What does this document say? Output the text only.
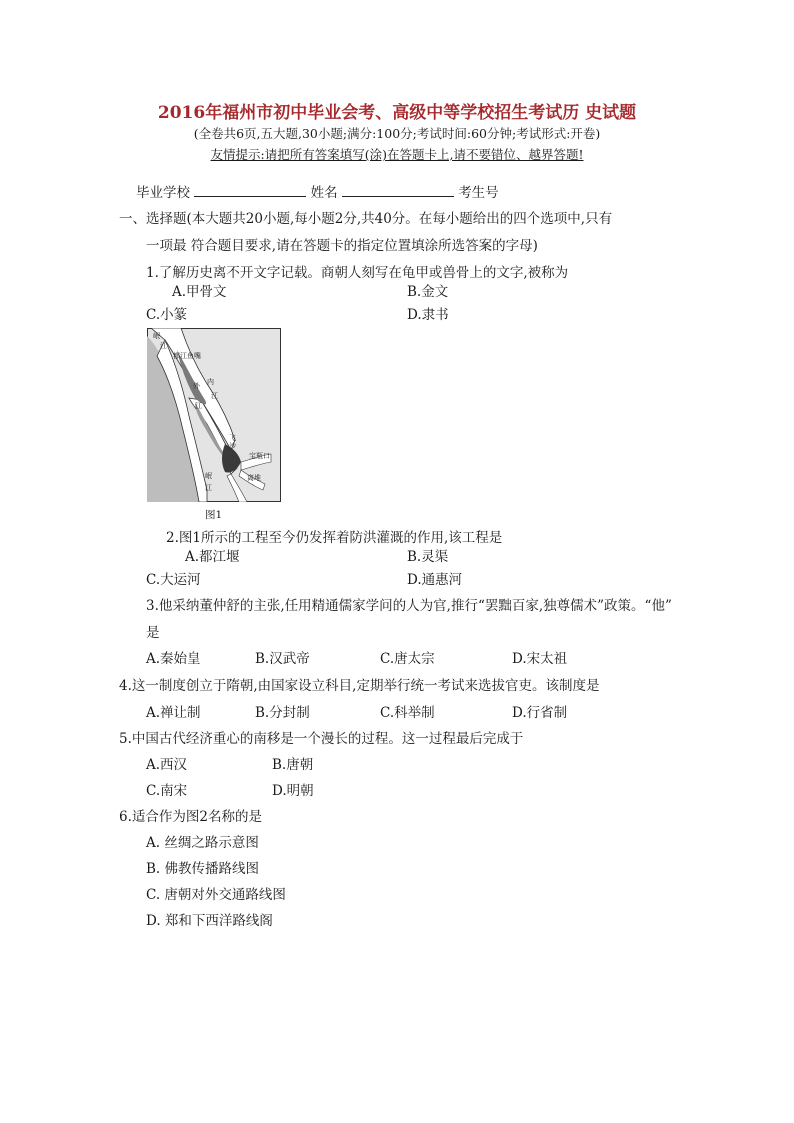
2016年福州市初中毕业会考、高级中等学校招生考试历 史试题
(全卷共6页,五大题,30小题;满分:100分;考试时间:60分钟;考试形式:开卷)
友情提示:请把所有答案填写(涂)在答题卡上,请不要错位、越界答题!
毕业学校	姓名	考生号
一、选择题(本大题共20小题,每小题2分,共40分。在每小题给出的四个选项中,只有
一项最 符合题目要求,请在答题卡的指定位置填涂所选答案的字母)
1.了解历史离不开文字记载。商朝人刻写在龟甲或兽骨上的文字,被称为
A.甲骨文	B.金文
C.小篆	D.隶书
岷
江
都江鱼嘴
内
江
外
江
飞
沙
宝瓶口
离堆
岷
江
图1
2.图1所示的工程至今仍发挥着防洪灌溉的作用,该工程是
A.都江堰	B.灵渠
C.大运河	D.通惠河
3.他采纳董仲舒的主张,任用精通儒家学问的人为官,推行“罢黜百家,独尊儒术”政策。“他”
是
A.秦始皇	B.汉武帝	C.唐太宗	D.宋太祖
4.这一制度创立于隋朝,由国家设立科目,定期举行统一考试来选拔官吏。该制度是
A.禅让制	B.分封制	C.科举制	D.行省制
5.中国古代经济重心的南移是一个漫长的过程。这一过程最后完成于
A.西汉	B.唐朝
C.南宋	D.明朝
6.适合作为图2名称的是
A. 丝绸之路示意图
B. 佛教传播路线图
C. 唐朝对外交通路线图
D. 郑和下西洋路线阁
